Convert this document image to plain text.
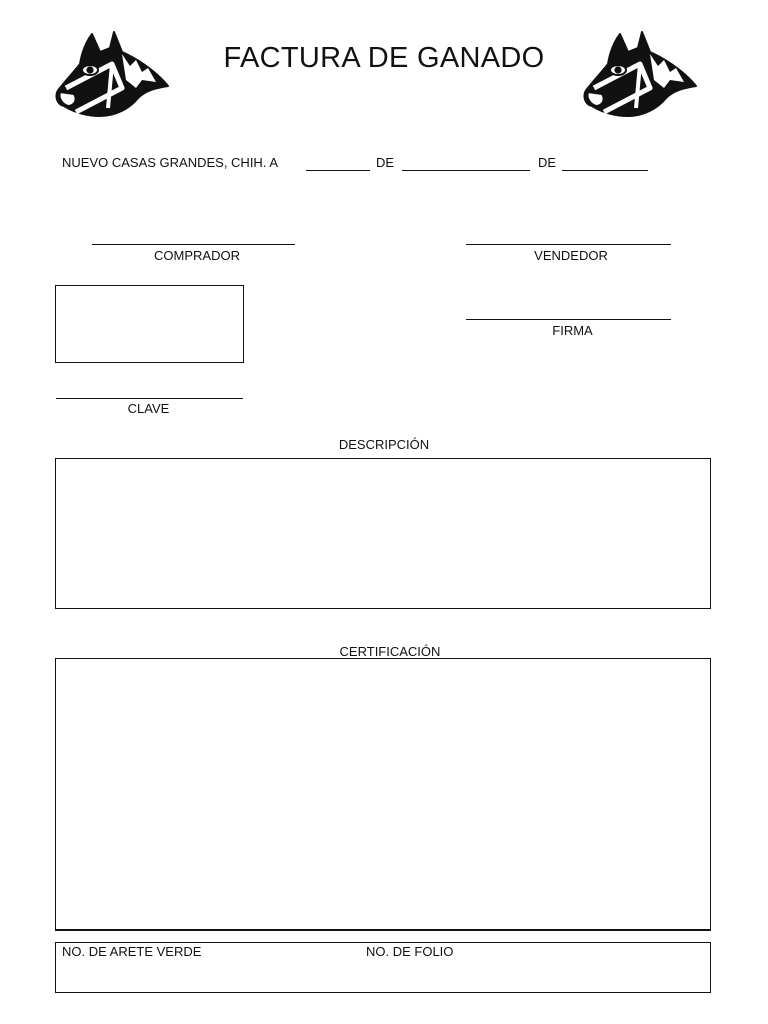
FACTURA DE GANADO
NUEVO CASAS GRANDES, CHIH. A	DE	DE
COMPRADOR	VENDEDOR
FIRMA
CLAVE
DESCRIPCIÓN
CERTIFICACIÓN
NO. DE ARETE VERDE	NO. DE FOLIO
